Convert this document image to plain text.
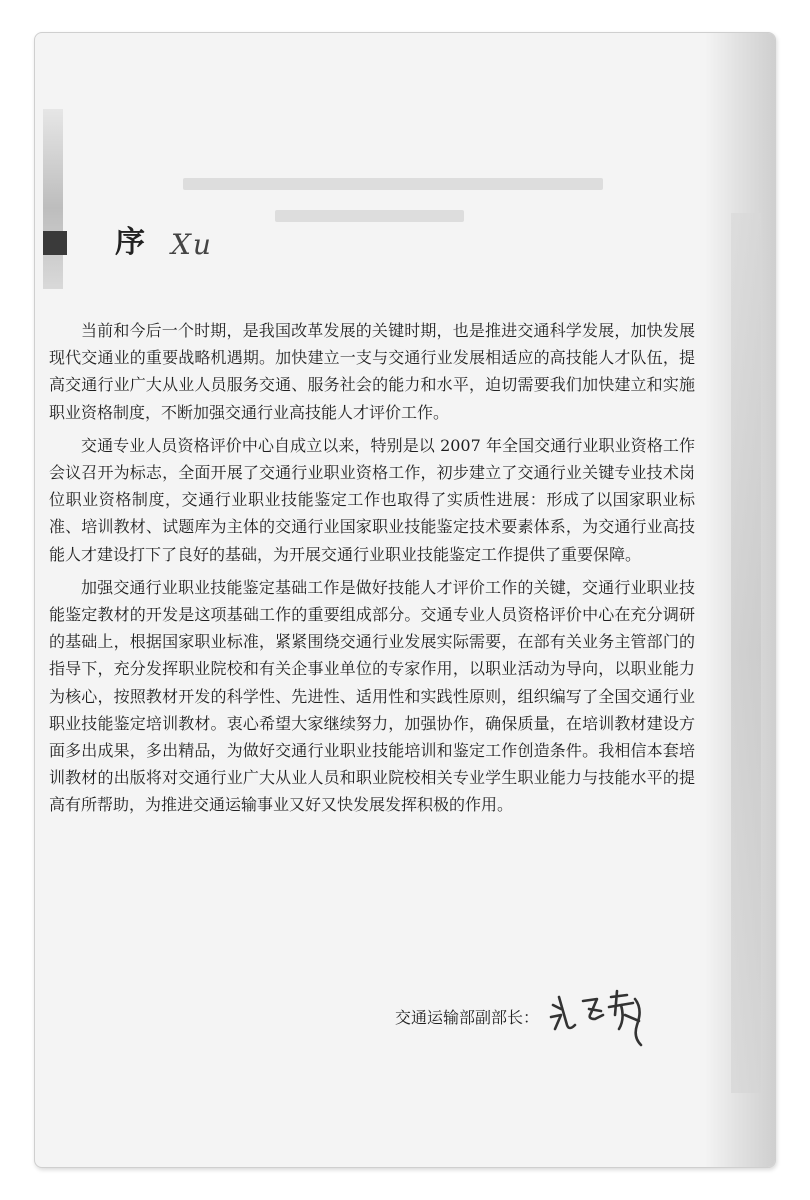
序 Xu

当前和今后一个时期，是我国改革发展的关键时期，也是推进交通科学发展，加快发展现代交通业的重要战略机遇期。加快建立一支与交通行业发展相适应的高技能人才队伍，提高交通行业广大从业人员服务交通、服务社会的能力和水平，迫切需要我们加快建立和实施职业资格制度，不断加强交通行业高技能人才评价工作。

交通专业人员资格评价中心自成立以来，特别是以 2007 年全国交通行业职业资格工作会议召开为标志，全面开展了交通行业职业资格工作，初步建立了交通行业关键专业技术岗位职业资格制度，交通行业职业技能鉴定工作也取得了实质性进展：形成了以国家职业标准、培训教材、试题库为主体的交通行业国家职业技能鉴定技术要素体系，为交通行业高技能人才建设打下了良好的基础，为开展交通行业职业技能鉴定工作提供了重要保障。

加强交通行业职业技能鉴定基础工作是做好技能人才评价工作的关键，交通行业职业技能鉴定教材的开发是这项基础工作的重要组成部分。交通专业人员资格评价中心在充分调研的基础上，根据国家职业标准，紧紧围绕交通行业发展实际需要，在部有关业务主管部门的指导下，充分发挥职业院校和有关企事业单位的专家作用，以职业活动为导向，以职业能力为核心，按照教材开发的科学性、先进性、适用性和实践性原则，组织编写了全国交通行业职业技能鉴定培训教材。衷心希望大家继续努力，加强协作，确保质量，在培训教材建设方面多出成果，多出精品，为做好交通行业职业技能培训和鉴定工作创造条件。我相信本套培训教材的出版将对交通行业广大从业人员和职业院校相关专业学生职业能力与技能水平的提高有所帮助，为推进交通运输事业又好又快发展发挥积极的作用。

交通运输部副部长：
